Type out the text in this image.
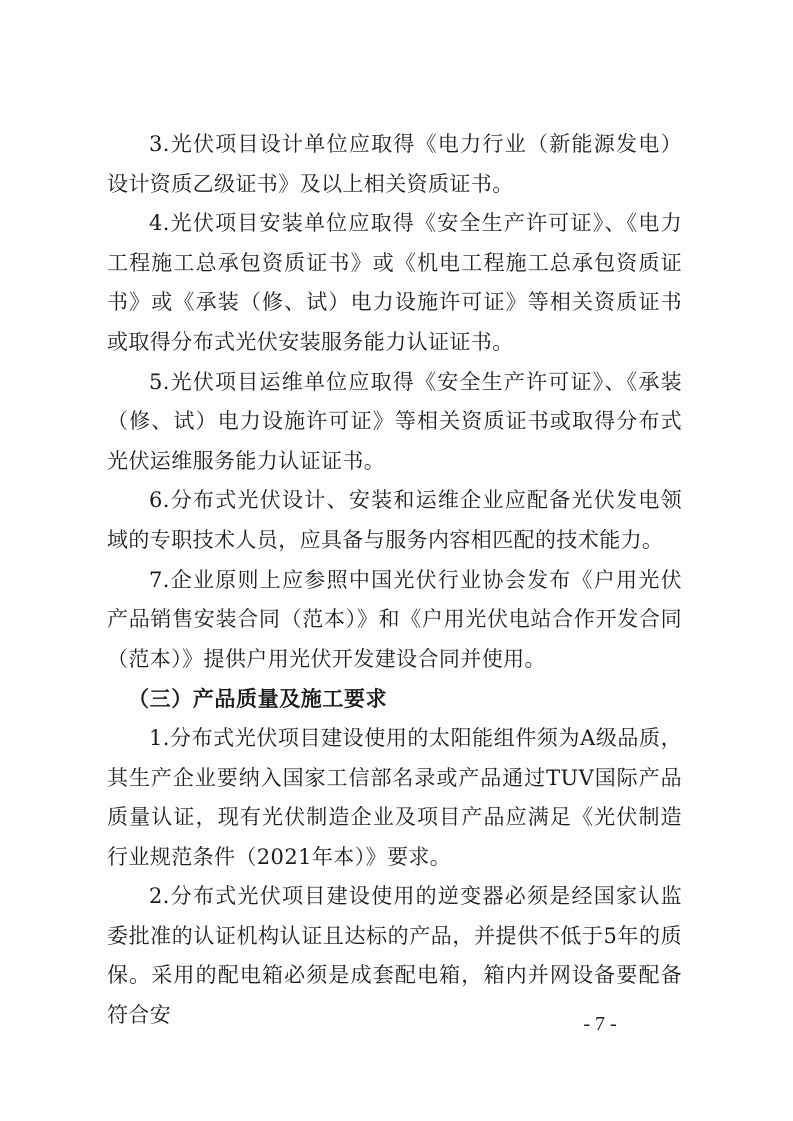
3.光伏项目设计单位应取得《电力行业（新能源发电）设计资质乙级证书》及以上相关资质证书。

4.光伏项目安装单位应取得《安全生产许可证》、《电力工程施工总承包资质证书》或《机电工程施工总承包资质证书》或《承装（修、试）电力设施许可证》等相关资质证书或取得分布式光伏安装服务能力认证证书。

5.光伏项目运维单位应取得《安全生产许可证》、《承装（修、试）电力设施许可证》等相关资质证书或取得分布式光伏运维服务能力认证证书。

6.分布式光伏设计、安装和运维企业应配备光伏发电领域的专职技术人员，应具备与服务内容相匹配的技术能力。

7.企业原则上应参照中国光伏行业协会发布《户用光伏产品销售安装合同（范本）》和《户用光伏电站合作开发合同（范本）》提供户用光伏开发建设合同并使用。

（三）产品质量及施工要求

1.分布式光伏项目建设使用的太阳能组件须为A级品质，其生产企业要纳入国家工信部名录或产品通过TUV国际产品质量认证，现有光伏制造企业及项目产品应满足《光伏制造行业规范条件（2021年本）》要求。

2.分布式光伏项目建设使用的逆变器必须是经国家认监委批准的认证机构认证且达标的产品，并提供不低于5年的质保。采用的配电箱必须是成套配电箱，箱内并网设备要配备符合安	- 7 -
